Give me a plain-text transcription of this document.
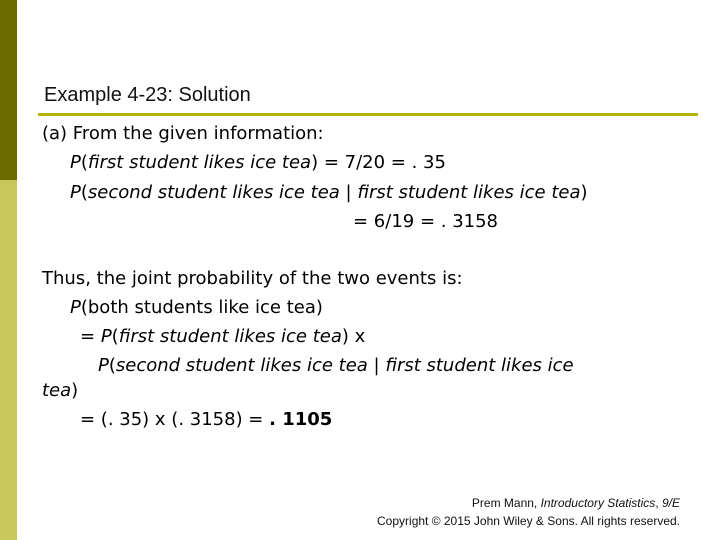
Example 4-23: Solution
(a) From the given information:
P(first student likes ice tea) = 7/20 = . 35
P(second student likes ice tea | first student likes ice tea)
= 6/19 = . 3158
Thus, the joint probability of the two events is:
P(both students like ice tea)
= P(first student likes ice tea) x
P(second student likes ice tea | first student likes ice
tea)
= (. 35) x (. 3158) = . 1105
Prem Mann, Introductory Statistics, 9/E
Copyright © 2015 John Wiley & Sons. All rights reserved.
